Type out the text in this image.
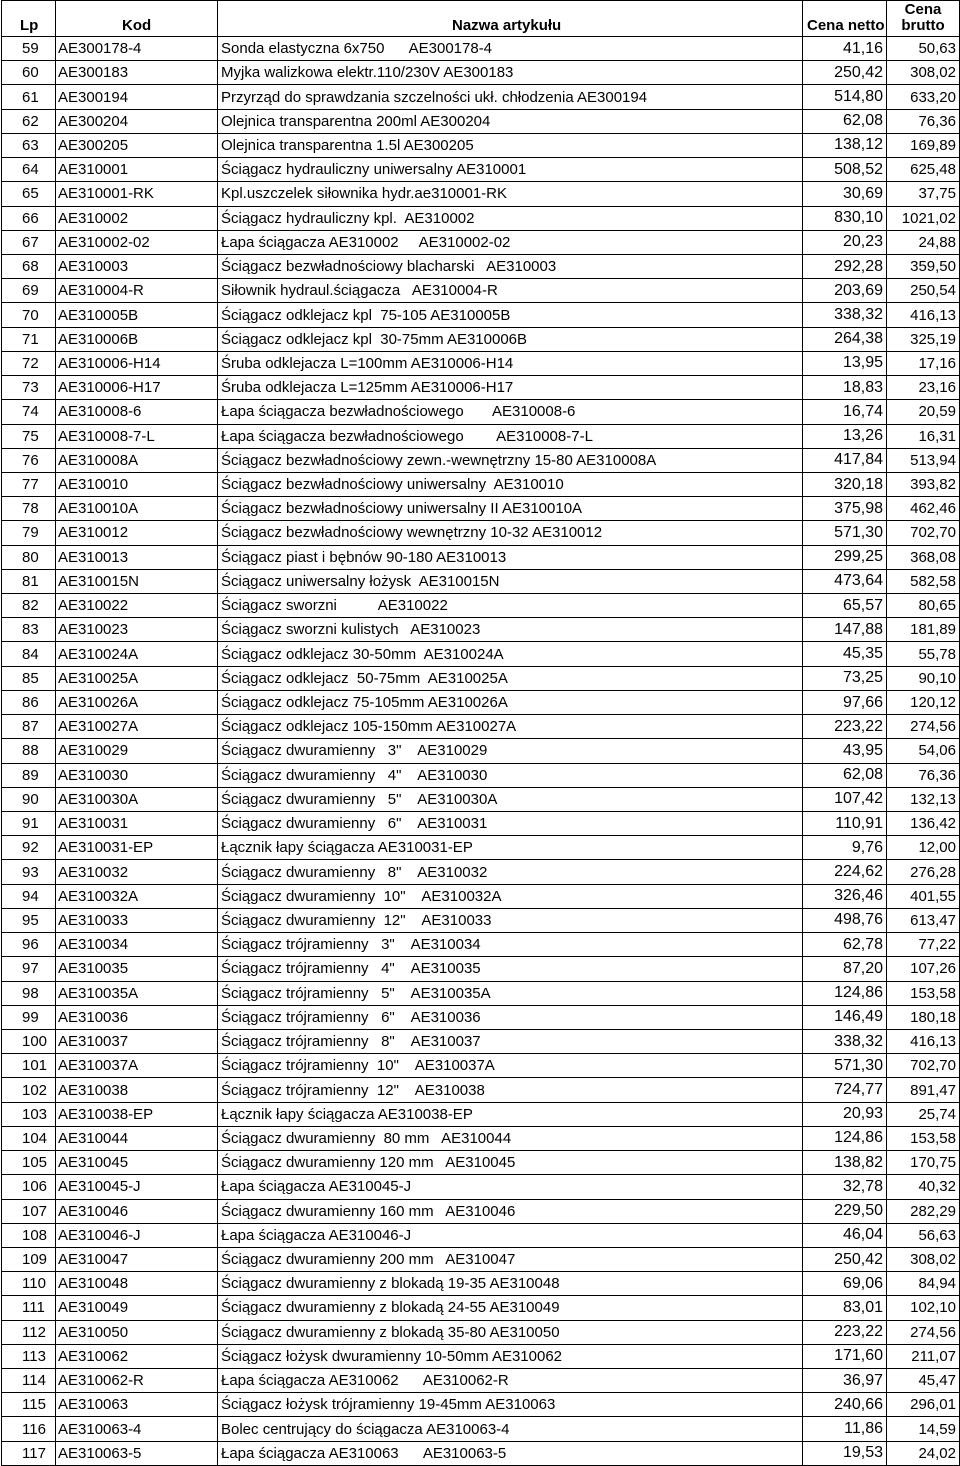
Lp	Kod	Nazwa artykułu	Cena netto	Cena
brutto
59	AE300178-4	Sonda elastyczna 6x750      AE300178-4	41,16	50,63
60	AE300183	Myjka walizkowa elektr.110/230V AE300183	250,42	308,02
61	AE300194	Przyrząd do sprawdzania szczelności ukł. chłodzenia AE300194	514,80	633,20
62	AE300204	Olejnica transparentna 200ml AE300204	62,08	76,36
63	AE300205	Olejnica transparentna 1.5l AE300205	138,12	169,89
64	AE310001	Ściągacz hydrauliczny uniwersalny AE310001	508,52	625,48
65	AE310001-RK	Kpl.uszczelek siłownika hydr.ae310001-RK	30,69	37,75
66	AE310002	Ściągacz hydrauliczny kpl.  AE310002	830,10	1021,02
67	AE310002-02	Łapa ściągacza AE310002     AE310002-02	20,23	24,88
68	AE310003	Ściągacz bezwładnościowy blacharski   AE310003	292,28	359,50
69	AE310004-R	Siłownik hydraul.ściągacza   AE310004-R	203,69	250,54
70	AE310005B	Ściągacz odklejacz kpl  75-105 AE310005B	338,32	416,13
71	AE310006B	Ściągacz odklejacz kpl  30-75mm AE310006B	264,38	325,19
72	AE310006-H14	Śruba odklejacza L=100mm AE310006-H14	13,95	17,16
73	AE310006-H17	Śruba odklejacza L=125mm AE310006-H17	18,83	23,16
74	AE310008-6	Łapa ściągacza bezwładnościowego       AE310008-6	16,74	20,59
75	AE310008-7-L	Łapa ściągacza bezwładnościowego        AE310008-7-L	13,26	16,31
76	AE310008A	Ściągacz bezwładnościowy zewn.-wewnętrzny 15-80 AE310008A	417,84	513,94
77	AE310010	Ściągacz bezwładnościowy uniwersalny  AE310010	320,18	393,82
78	AE310010A	Ściągacz bezwładnościowy uniwersalny II AE310010A	375,98	462,46
79	AE310012	Ściągacz bezwładnościowy wewnętrzny 10-32 AE310012	571,30	702,70
80	AE310013	Ściągacz piast i bębnów 90-180 AE310013	299,25	368,08
81	AE310015N	Ściągacz uniwersalny łożysk  AE310015N	473,64	582,58
82	AE310022	Ściągacz sworzni          AE310022	65,57	80,65
83	AE310023	Ściągacz sworzni kulistych   AE310023	147,88	181,89
84	AE310024A	Ściągacz odklejacz 30-50mm  AE310024A	45,35	55,78
85	AE310025A	Ściągacz odklejacz  50-75mm  AE310025A	73,25	90,10
86	AE310026A	Ściągacz odklejacz 75-105mm AE310026A	97,66	120,12
87	AE310027A	Ściągacz odklejacz 105-150mm AE310027A	223,22	274,56
88	AE310029	Ściągacz dwuramienny   3"    AE310029	43,95	54,06
89	AE310030	Ściągacz dwuramienny   4"    AE310030	62,08	76,36
90	AE310030A	Ściągacz dwuramienny   5"    AE310030A	107,42	132,13
91	AE310031	Ściągacz dwuramienny   6"    AE310031	110,91	136,42
92	AE310031-EP	Łącznik łapy ściągacza AE310031-EP	9,76	12,00
93	AE310032	Ściągacz dwuramienny   8"    AE310032	224,62	276,28
94	AE310032A	Ściągacz dwuramienny  10"    AE310032A	326,46	401,55
95	AE310033	Ściągacz dwuramienny  12"    AE310033	498,76	613,47
96	AE310034	Ściągacz trójramienny   3"    AE310034	62,78	77,22
97	AE310035	Ściągacz trójramienny   4"    AE310035	87,20	107,26
98	AE310035A	Ściągacz trójramienny   5"    AE310035A	124,86	153,58
99	AE310036	Ściągacz trójramienny   6"    AE310036	146,49	180,18
100	AE310037	Ściągacz trójramienny   8"    AE310037	338,32	416,13
101	AE310037A	Ściągacz trójramienny  10"    AE310037A	571,30	702,70
102	AE310038	Ściągacz trójramienny  12"    AE310038	724,77	891,47
103	AE310038-EP	Łącznik łapy ściągacza AE310038-EP	20,93	25,74
104	AE310044	Ściągacz dwuramienny  80 mm   AE310044	124,86	153,58
105	AE310045	Ściągacz dwuramienny 120 mm   AE310045	138,82	170,75
106	AE310045-J	Łapa ściągacza AE310045-J	32,78	40,32
107	AE310046	Ściągacz dwuramienny 160 mm   AE310046	229,50	282,29
108	AE310046-J	Łapa ściągacza AE310046-J	46,04	56,63
109	AE310047	Ściągacz dwuramienny 200 mm   AE310047	250,42	308,02
110	AE310048	Ściągacz dwuramienny z blokadą 19-35 AE310048	69,06	84,94
111	AE310049	Ściągacz dwuramienny z blokadą 24-55 AE310049	83,01	102,10
112	AE310050	Ściągacz dwuramienny z blokadą 35-80 AE310050	223,22	274,56
113	AE310062	Ściągacz łożysk dwuramienny 10-50mm AE310062	171,60	211,07
114	AE310062-R	Łapa ściągacza AE310062      AE310062-R	36,97	45,47
115	AE310063	Ściągacz łożysk trójramienny 19-45mm AE310063	240,66	296,01
116	AE310063-4	Bolec centrujący do ściągacza AE310063-4	11,86	14,59
117	AE310063-5	Łapa ściągacza AE310063      AE310063-5	19,53	24,02
